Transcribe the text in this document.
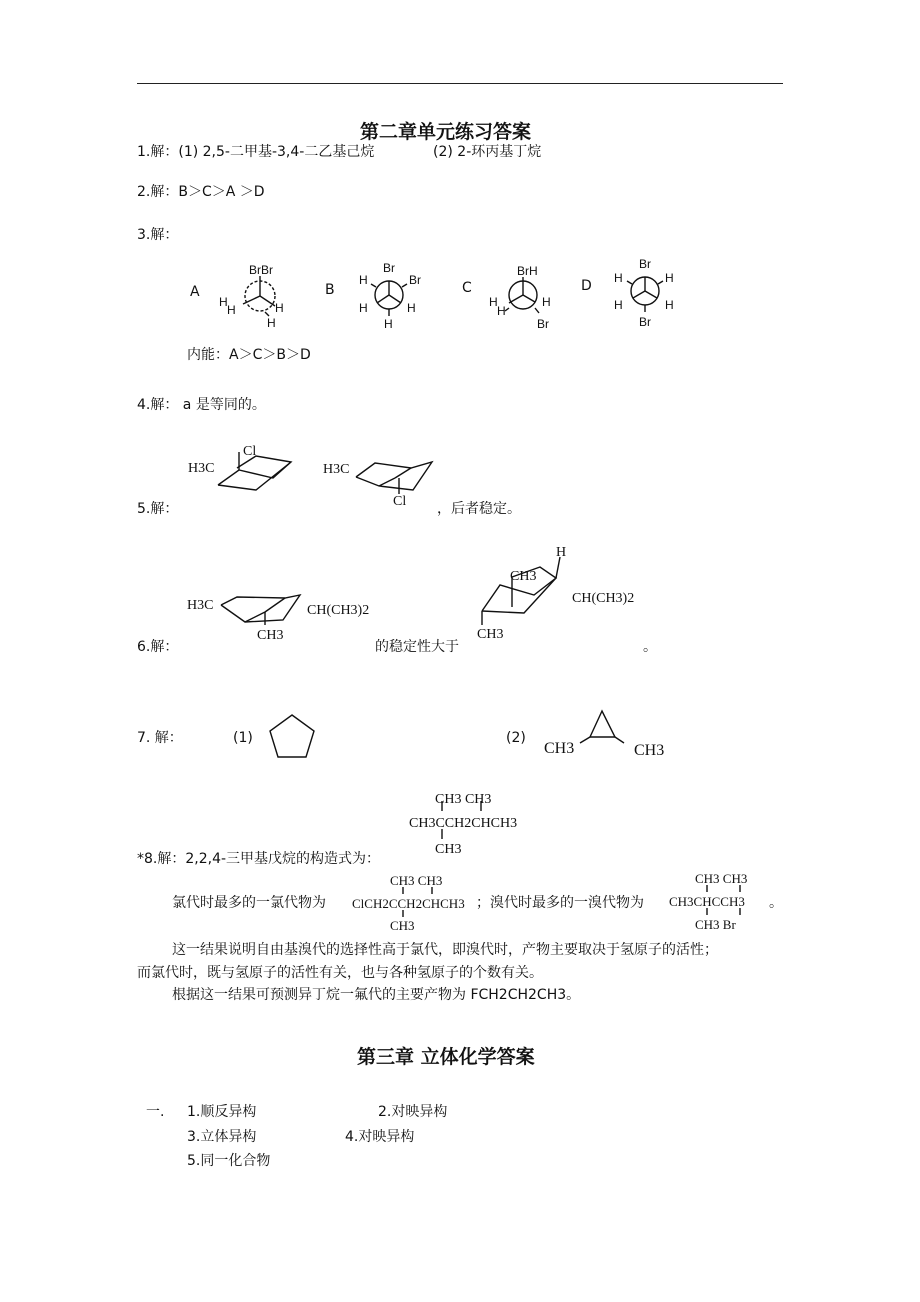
第二章单元练习答案
1.解：(1) 2,5-二甲基-3,4-二乙基己烷	(2) 2-环丙基丁烷
2.解：B＞C＞A ＞D
3.解：
A
BrBr
H
H	H
H
B
Br
H	Br
H	H
H
C
BrH
H
H
H
Br
D
Br
H	H
H	H
Br
内能：A＞C＞B＞D
4.解： a 是等同的。
H3C
Cl
H3C
Cl
5.解：	，后者稳定。
H3C	CH(CH3)2
CH3
CH3
H
CH(CH3)2
CH3
6.解：	的稳定性大于	。
7. 解：	(1)	(2)
CH3	CH3
CH3 CH3
CH3CCH2CHCH3
CH3
*8.解：2,2,4-三甲基戊烷的构造式为：
氯代时最多的一氯代物为
CH3 CH3
ClCH2CCH2CHCH3
CH3
；溴代时最多的一溴代物为
CH3 CH3
CH3CHCCH3
CH3 Br
。
这一结果说明自由基溴代的选择性高于氯代，即溴代时，产物主要取决于氢原子的活性；
而氯代时，既与氢原子的活性有关，也与各种氢原子的个数有关。
根据这一结果可预测异丁烷一氟代的主要产物为 FCH2CH2CH3。
第三章 立体化学答案
一. 1.顺反异构	2.对映异构
3.立体异构	4.对映异构
5.同一化合物
